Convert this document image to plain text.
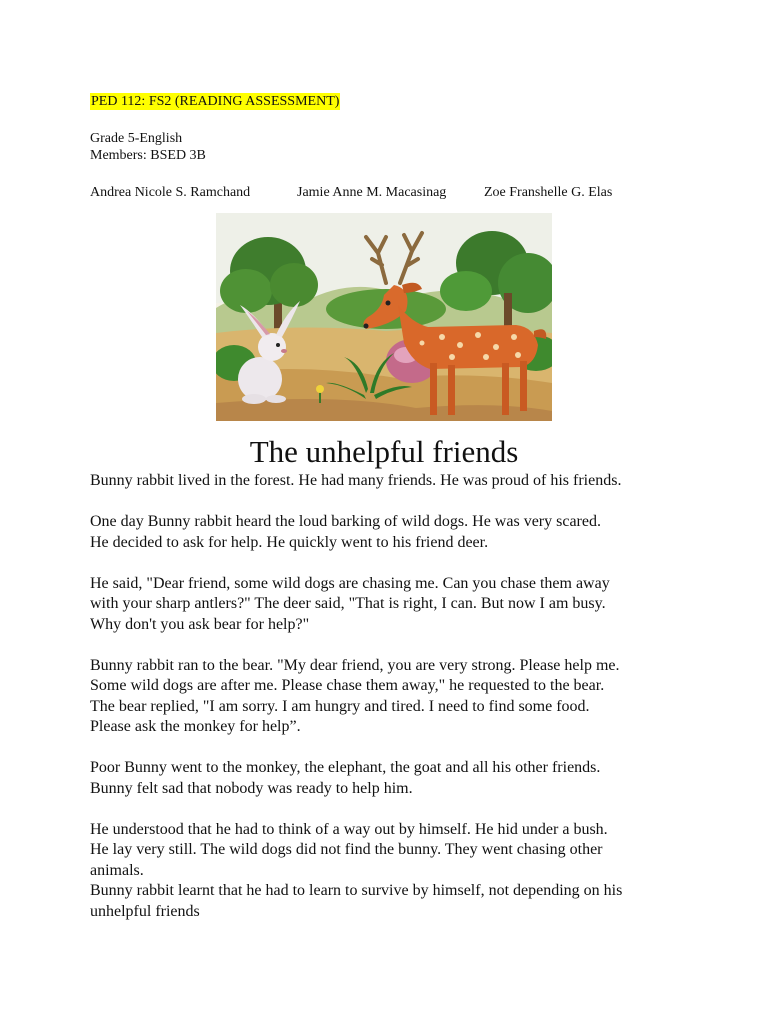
PED 112: FS2 (READING ASSESSMENT)
Grade 5-English
Members: BSED 3B
Andrea Nicole S. Ramchand	Jamie Anne M. Macasinag	Zoe Franshelle G. Elas
The unhelpful friends

Bunny rabbit lived in the forest. He had many friends. He was proud of his friends.

One day Bunny rabbit heard the loud barking of wild dogs. He was very scared.
He decided to ask for help. He quickly went to his friend deer.

He said, "Dear friend, some wild dogs are chasing me. Can you chase them away
with your sharp antlers?" The deer said, "That is right, I can. But now I am busy.
Why don't you ask bear for help?"

Bunny rabbit ran to the bear. "My dear friend, you are very strong. Please help me.
Some wild dogs are after me. Please chase them away," he requested to the bear.
The bear replied, "I am sorry. I am hungry and tired. I need to find some food.
Please ask the monkey for help”.

Poor Bunny went to the monkey, the elephant, the goat and all his other friends.
Bunny felt sad that nobody was ready to help him.

He understood that he had to think of a way out by himself. He hid under a bush.
He lay very still. The wild dogs did not find the bunny. They went chasing other
animals.

Bunny rabbit learnt that he had to learn to survive by himself, not depending on his
unhelpful friends
